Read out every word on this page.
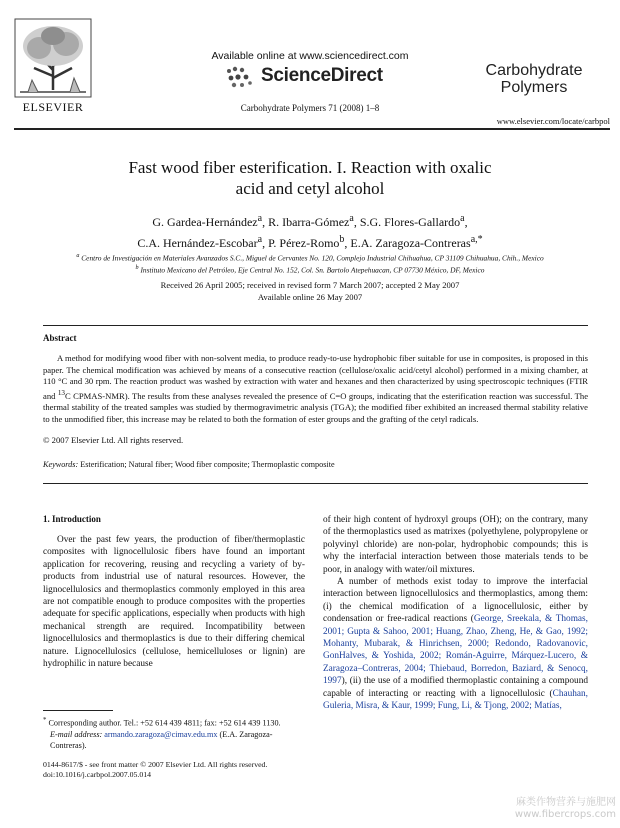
ELSEVIER
Available online at www.sciencedirect.com
ScienceDirect
Carbohydrate Polymers 71 (2008) 1–8
Carbohydrate
Polymers
www.elsevier.com/locate/carbpol
Fast wood fiber esterification. I. Reaction with oxalic
acid and cetyl alcohol
G. Gardea-Hernández$^a$, R. Ibarra-Gómez$^a$, S.G. Flores-Gallardo$^a$,
C.A. Hernández-Escobar$^a$, P. Pérez-Romo$^b$, E.A. Zaragoza-Contreras$^{a,*}$
$^a$ Centro de Investigación en Materiales Avanzados S.C., Miguel de Cervantes No. 120, Complejo Industrial Chihuahua, CP 31109 Chihuahua, Chih., Mexico
$^b$ Instituto Mexicano del Petróleo, Eje Central No. 152, Col. Sn. Bartolo Atepehuacan, CP 07730 México, DF, Mexico
Received 26 April 2005; received in revised form 7 March 2007; accepted 2 May 2007
Available online 26 May 2007
Abstract

A method for modifying wood fiber with non-solvent media, to produce ready-to-use hydrophobic fiber suitable for use in composites, is proposed in this paper. The chemical modification was achieved by means of a consecutive reaction (cellulose/oxalic acid/cetyl alcohol) performed in a mixing chamber, at 110 °C and 30 rpm. The reaction product was washed by extraction with water and hexanes and then characterized by using spectroscopic techniques (FTIR and $^{13}$C CPMAS-NMR). The results from these analyses revealed the presence of C=O groups, indicating that the esterification reaction was successful. The thermal stability of the treated samples was studied by thermogravimetric analysis (TGA); the modified fiber exhibited an increased thermal stability relative to the unmodified fiber, this increase may be related to both the formation of ester groups and the grafting of the cetyl radicals.

© 2007 Elsevier Ltd. All rights reserved.
Keywords: Esterification; Natural fiber; Wood fiber composite; Thermoplastic composite
1. Introduction

Over the past few years, the production of fiber/thermoplastic composites with lignocellulosic fibers have found an important application for recovering, reusing and recycling a variety of by-products from industrial use of natural resources. However, the lignocellulosics and thermoplastics commonly employed in this area are not compatible enough to produce composites with the properties adequate for specific applications, especially when products with high mechanical strength are required. Incompatibility between lignocellulosics and thermoplastics is due to their differing chemical nature. Lignocellulosics (cellulose, hemicelluloses or lignin) are hydrophilic in nature because

of their high content of hydroxyl groups (OH); on the contrary, many of the thermoplastics used as matrixes (polyethylene, polypropylene or polyvinyl chloride) are non-polar, hydrophobic compounds; this is why the interfacial interaction between those materials tends to be poor, in analogy with water/oil mixtures.

A number of methods exist today to improve the interfacial interaction between lignocellulosics and thermoplastics, among them: (i) the chemical modification of a lignocellulosic, either by condensation or free-radical reactions (George, Sreekala, & Thomas, 2001; Gupta & Sahoo, 2001; Huang, Zhao, Zheng, He, & Gao, 1992; Mohanty, Mubarak, & Hinrichsen, 2000; Redondo, Radovanovic, GonHalves, & Yoshida, 2002; Román-Aguirre, Márquez-Lucero, & Zaragoza–Contreras, 2004; Thiebaud, Borredon, Baziard, & Senocq, 1997), (ii) the use of a modified thermoplastic containing a compound capable of interacting or reacting with a lignocellulosic (Chauhan, Guleria, Misra, & Kaur, 1999; Fung, Li, & Tjong, 2002; Matías,

* Corresponding author. Tel.: +52 614 439 4811; fax: +52 614 439 1130.
E-mail address: armando.zaragoza@cimav.edu.mx (E.A. Zaragoza-Contreras).
0144-8617/$ - see front matter © 2007 Elsevier Ltd. All rights reserved.
doi:10.1016/j.carbpol.2007.05.014
麻类作物营养与施肥网
www.fibercrops.com
